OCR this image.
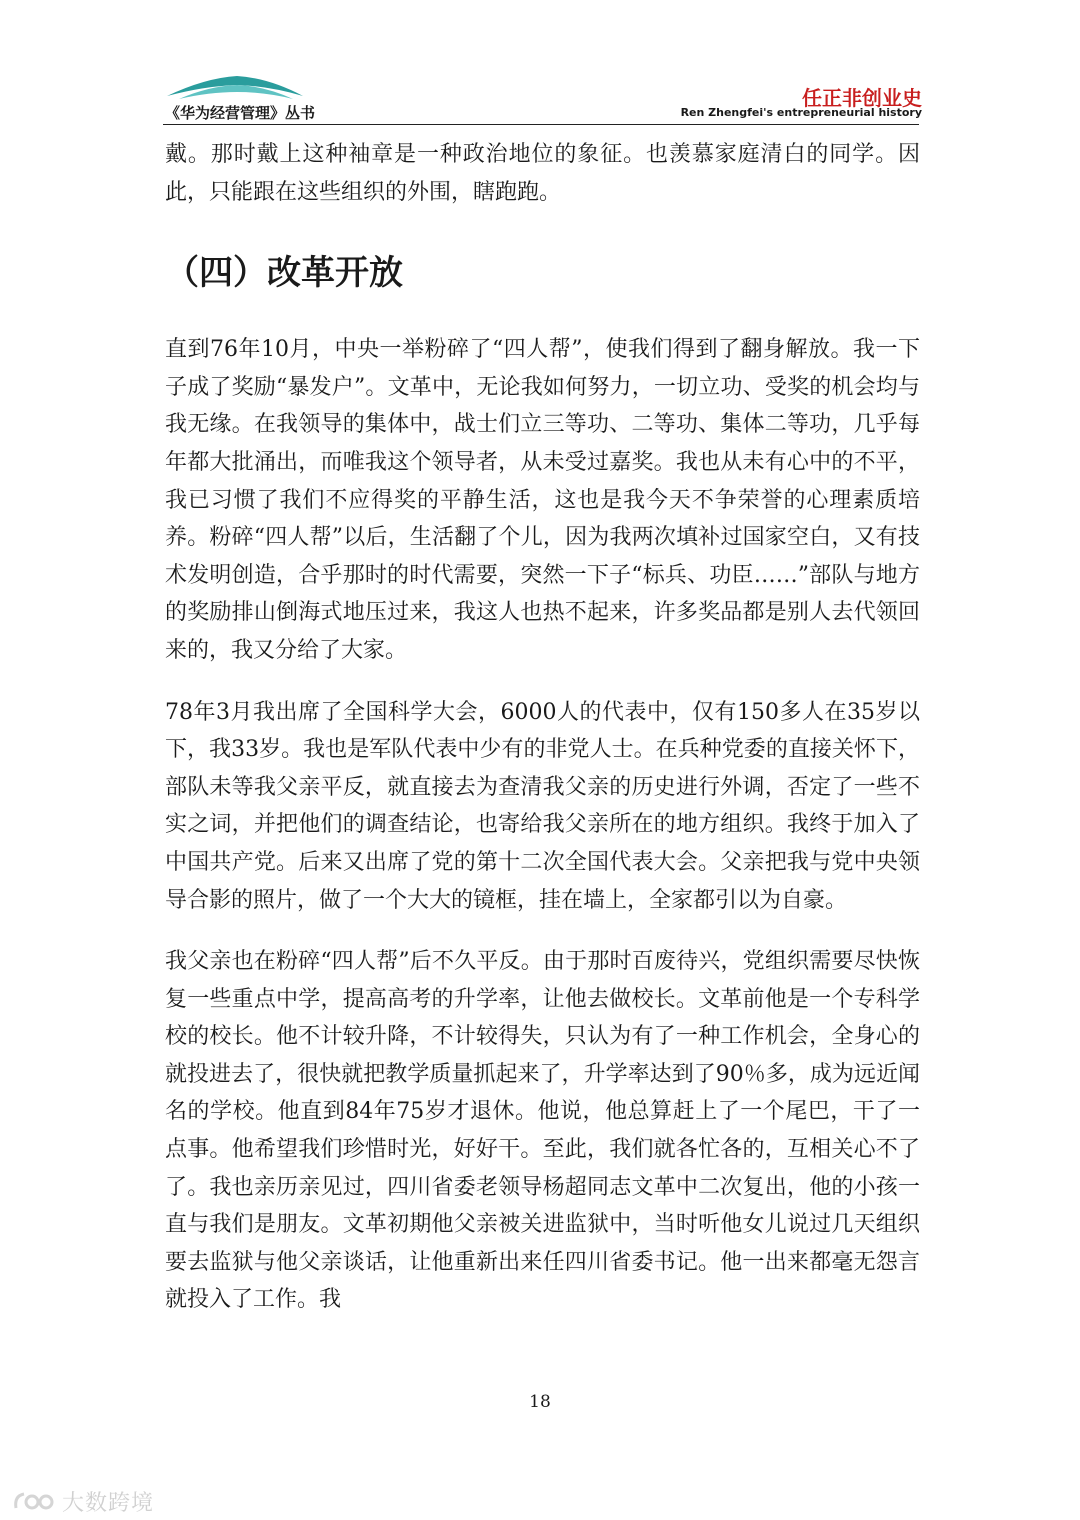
《华为经营管理》丛书
任正非创业史
Ren Zhengfei's entrepreneurial history

戴。那时戴上这种袖章是一种政治地位的象征。也羡慕家庭清白的同学。因此，只能跟在这些组织的外围，瞎跑跑。

（四）改革开放

直到76年10月，中央一举粉碎了“四人帮”，使我们得到了翻身解放。我一下子成了奖励“暴发户”。文革中，无论我如何努力，一切立功、受奖的机会均与我无缘。在我领导的集体中，战士们立三等功、二等功、集体二等功，几乎每年都大批涌出，而唯我这个领导者，从未受过嘉奖。我也从未有心中的不平，我已习惯了我们不应得奖的平静生活，这也是我今天不争荣誉的心理素质培养。粉碎“四人帮”以后，生活翻了个儿，因为我两次填补过国家空白，又有技术发明创造，合乎那时的时代需要，突然一下子“标兵、功臣……”部队与地方的奖励排山倒海式地压过来，我这人也热不起来，许多奖品都是别人去代领回来的，我又分给了大家。

78年3月我出席了全国科学大会，6000人的代表中，仅有150多人在35岁以下，我33岁。我也是军队代表中少有的非党人士。在兵种党委的直接关怀下，部队未等我父亲平反，就直接去为查清我父亲的历史进行外调，否定了一些不实之词，并把他们的调查结论，也寄给我父亲所在的地方组织。我终于加入了中国共产党。后来又出席了党的第十二次全国代表大会。父亲把我与党中央领导合影的照片，做了一个大大的镜框，挂在墙上，全家都引以为自豪。

我父亲也在粉碎“四人帮”后不久平反。由于那时百废待兴，党组织需要尽快恢复一些重点中学，提高高考的升学率，让他去做校长。文革前他是一个专科学校的校长。他不计较升降，不计较得失，只认为有了一种工作机会，全身心的就投进去了，很快就把教学质量抓起来了，升学率达到了90％多，成为远近闻名的学校。他直到84年75岁才退休。他说，他总算赶上了一个尾巴，干了一点事。他希望我们珍惜时光，好好干。至此，我们就各忙各的，互相关心不了了。我也亲历亲见过，四川省委老领导杨超同志文革中二次复出，他的小孩一直与我们是朋友。文革初期他父亲被关进监狱中，当时听他女儿说过几天组织要去监狱与他父亲谈话，让他重新出来任四川省委书记。他一出来都毫无怨言就投入了工作。我

18
大数跨境
